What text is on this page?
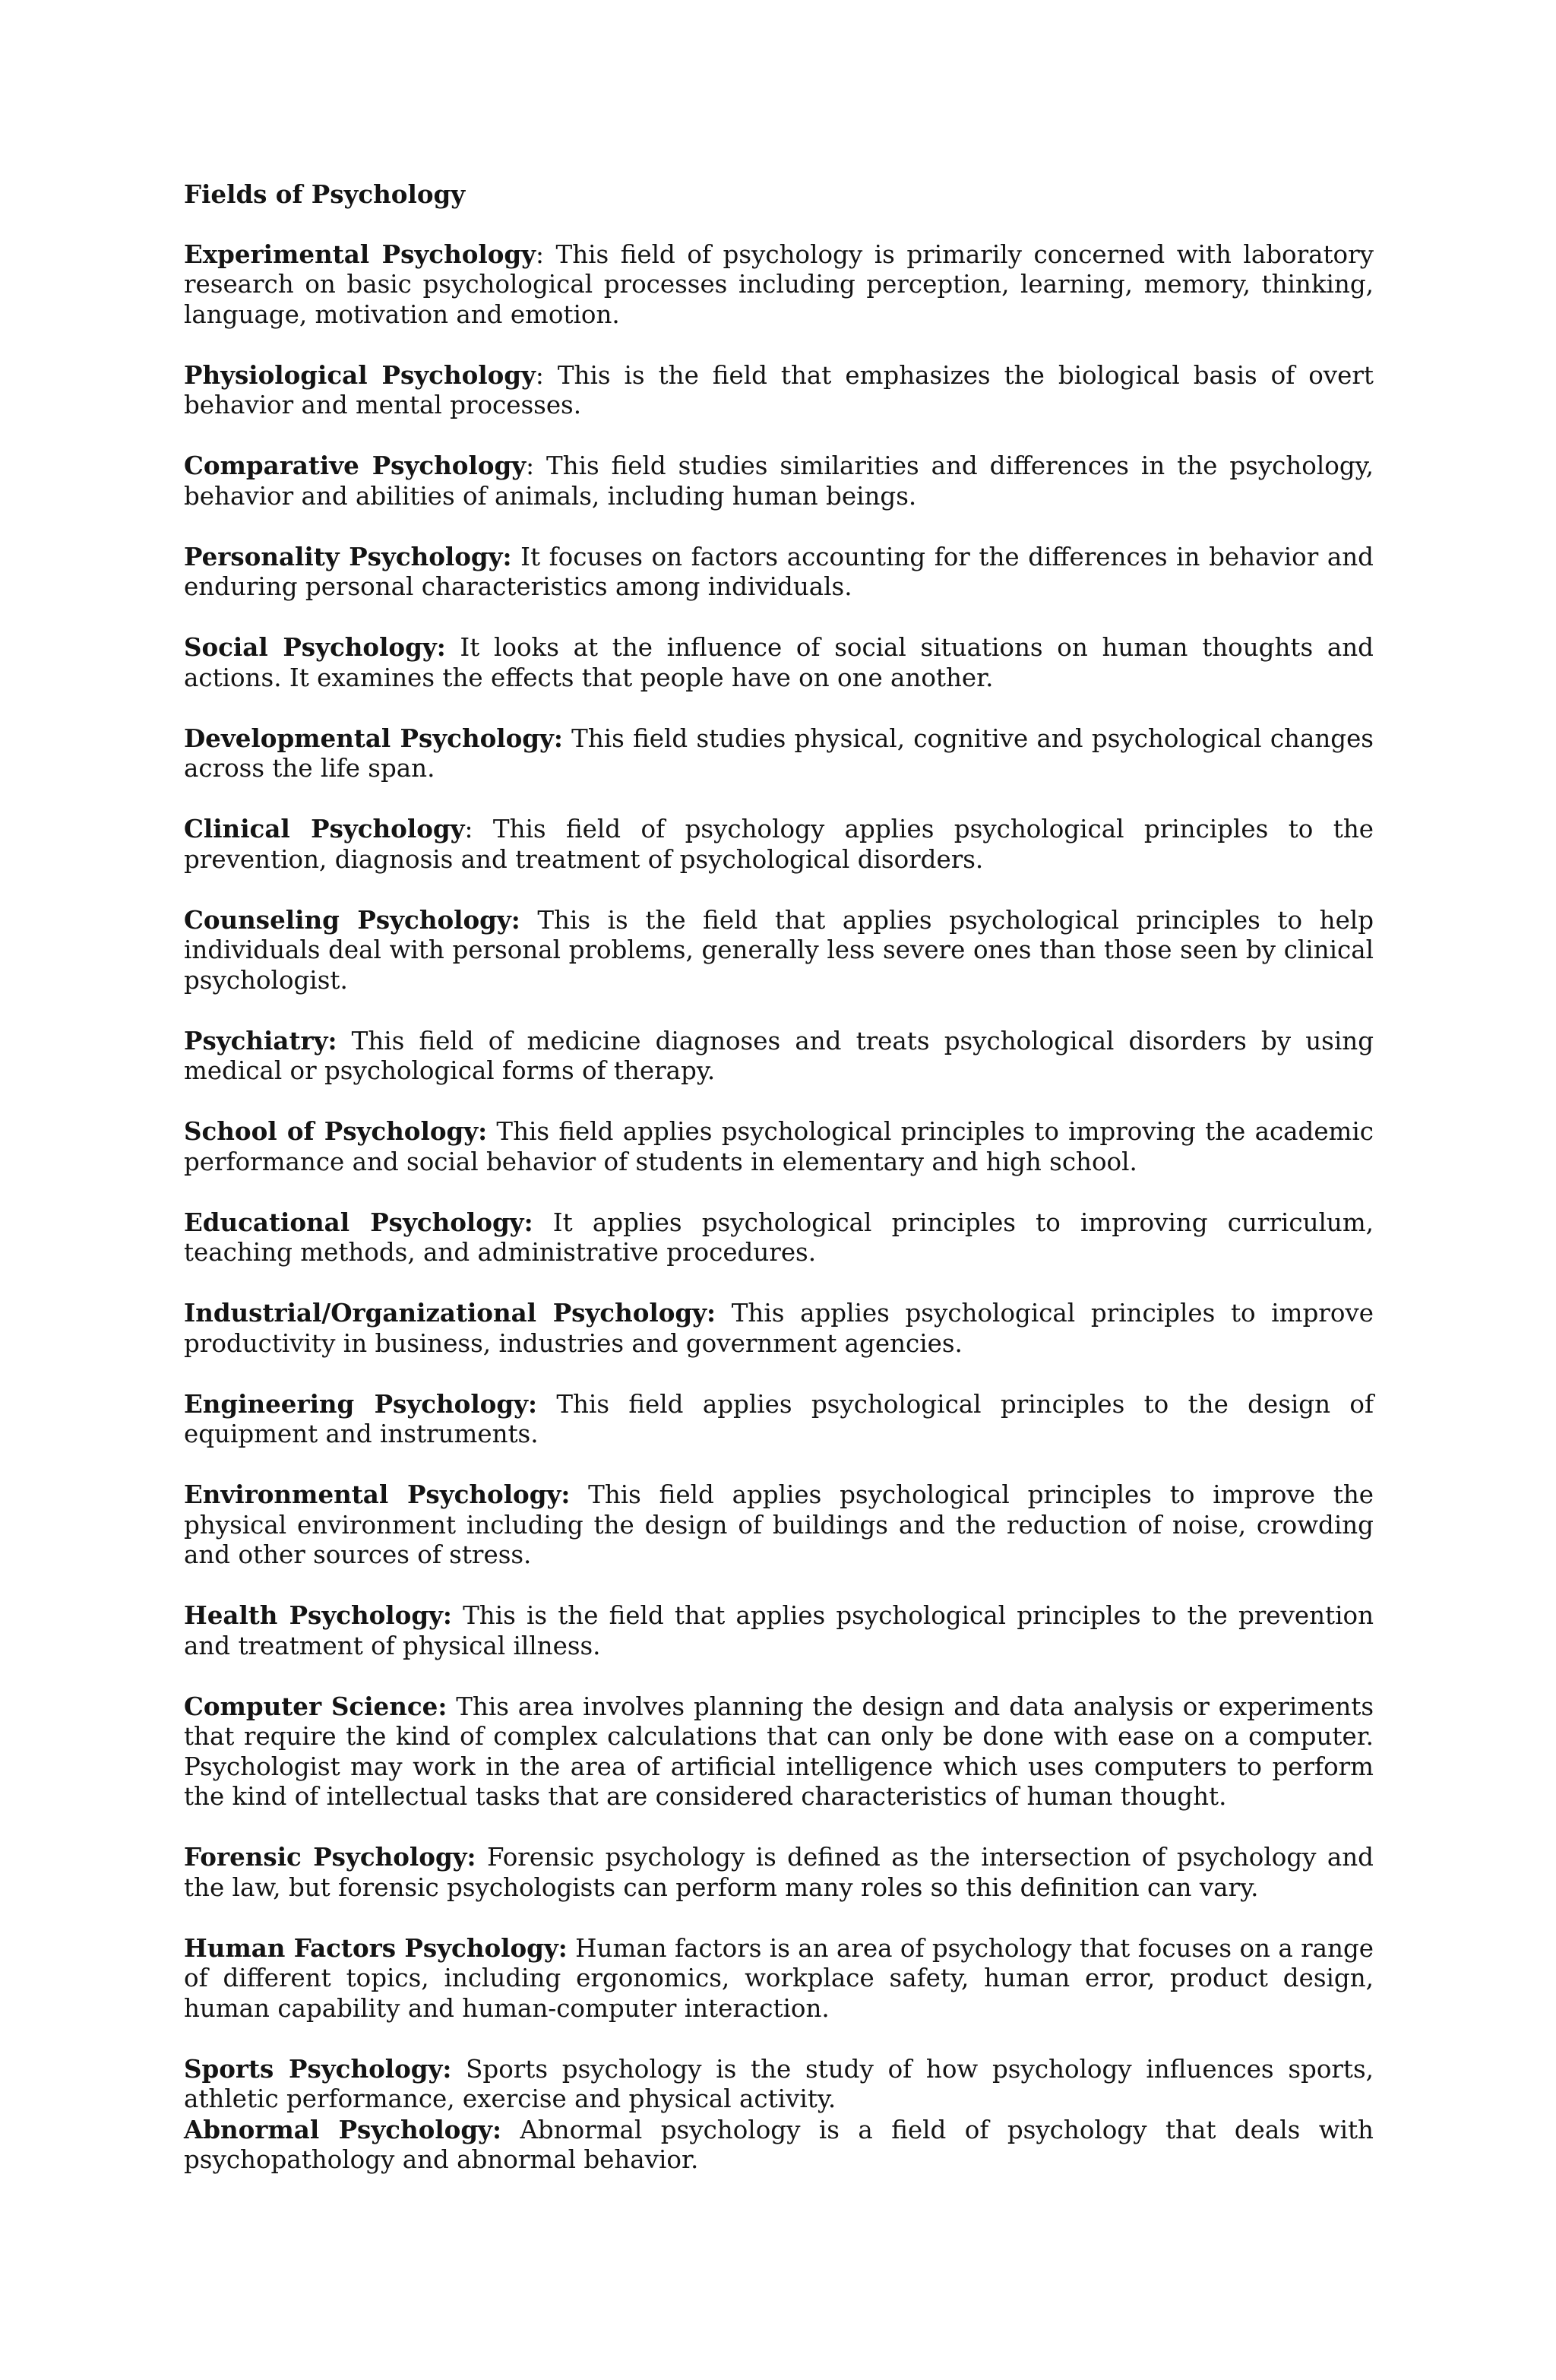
Fields of Psychology

Experimental Psychology: This field of psychology is primarily concerned with laboratory research on basic psychological processes including perception, learning, memory, thinking, language, motivation and emotion.

Physiological Psychology: This is the field that emphasizes the biological basis of overt behavior and mental processes.

Comparative Psychology: This field studies similarities and differences in the psychology, behavior and abilities of animals, including human beings.

Personality Psychology: It focuses on factors accounting for the differences in behavior and enduring personal characteristics among individuals.

Social Psychology: It looks at the influence of social situations on human thoughts and actions. It examines the effects that people have on one another.

Developmental Psychology: This field studies physical, cognitive and psychological changes across the life span.

Clinical Psychology: This field of psychology applies psychological principles to the prevention, diagnosis and treatment of psychological disorders.

Counseling Psychology: This is the field that applies psychological principles to help individuals deal with personal problems, generally less severe ones than those seen by clinical psychologist.

Psychiatry: This field of medicine diagnoses and treats psychological disorders by using medical or psychological forms of therapy.

School of Psychology: This field applies psychological principles to improving the academic performance and social behavior of students in elementary and high school.

Educational Psychology: It applies psychological principles to improving curriculum, teaching methods, and administrative procedures.

Industrial/Organizational Psychology: This applies psychological principles to improve productivity in business, industries and government agencies.

Engineering Psychology: This field applies psychological principles to the design of equipment and instruments.

Environmental Psychology: This field applies psychological principles to improve the physical environment including the design of buildings and the reduction of noise, crowding and other sources of stress.

Health Psychology: This is the field that applies psychological principles to the prevention and treatment of physical illness.

Computer Science: This area involves planning the design and data analysis or experiments that require the kind of complex calculations that can only be done with ease on a computer. Psychologist may work in the area of artificial intelligence which uses computers to perform the kind of intellectual tasks that are considered characteristics of human thought.

Forensic Psychology: Forensic psychology is defined as the intersection of psychology and the law, but forensic psychologists can perform many roles so this definition can vary.

Human Factors Psychology: Human factors is an area of psychology that focuses on a range of different topics, including ergonomics, workplace safety, human error, product design, human capability and human-computer interaction.

Sports Psychology: Sports psychology is the study of how psychology influences sports, athletic performance, exercise and physical activity.

Abnormal Psychology: Abnormal psychology is a field of psychology that deals with psychopathology and abnormal behavior.
